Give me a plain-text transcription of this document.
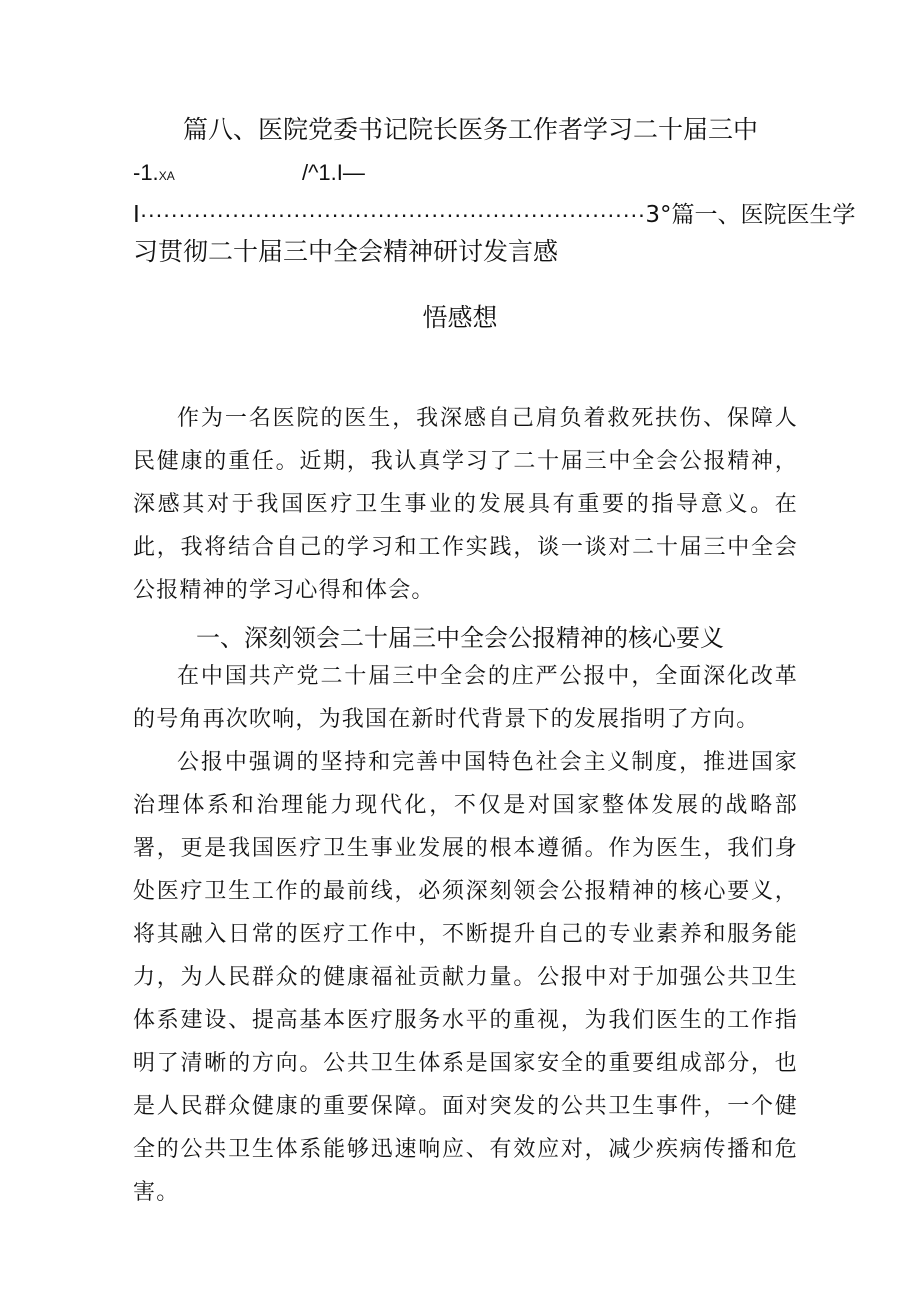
篇八、医院党委书记院长医务工作者学习二十届三中
-1.XA	/^1.I—
I··································································3°篇一、医院医生学
习贯彻二十届三中全会精神研讨发言感
悟感想

作为一名医院的医生，我深感自己肩负着救死扶伤、保障人民健康的重任。近期，我认真学习了二十届三中全会公报精神，深感其对于我国医疗卫生事业的发展具有重要的指导意义。在此，我将结合自己的学习和工作实践，谈一谈对二十届三中全会公报精神的学习心得和体会。

一、深刻领会二十届三中全会公报精神的核心要义

在中国共产党二十届三中全会的庄严公报中，全面深化改革的号角再次吹响，为我国在新时代背景下的发展指明了方向。

公报中强调的坚持和完善中国特色社会主义制度，推进国家治理体系和治理能力现代化，不仅是对国家整体发展的战略部署，更是我国医疗卫生事业发展的根本遵循。作为医生，我们身处医疗卫生工作的最前线，必须深刻领会公报精神的核心要义，将其融入日常的医疗工作中，不断提升自己的专业素养和服务能力，为人民群众的健康福祉贡献力量。公报中对于加强公共卫生体系建设、提高基本医疗服务水平的重视，为我们医生的工作指明了清晰的方向。公共卫生体系是国家安全的重要组成部分，也是人民群众健康的重要保障。面对突发的公共卫生事件，一个健全的公共卫生体系能够迅速响应、有效应对，减少疾病传播和危害。
